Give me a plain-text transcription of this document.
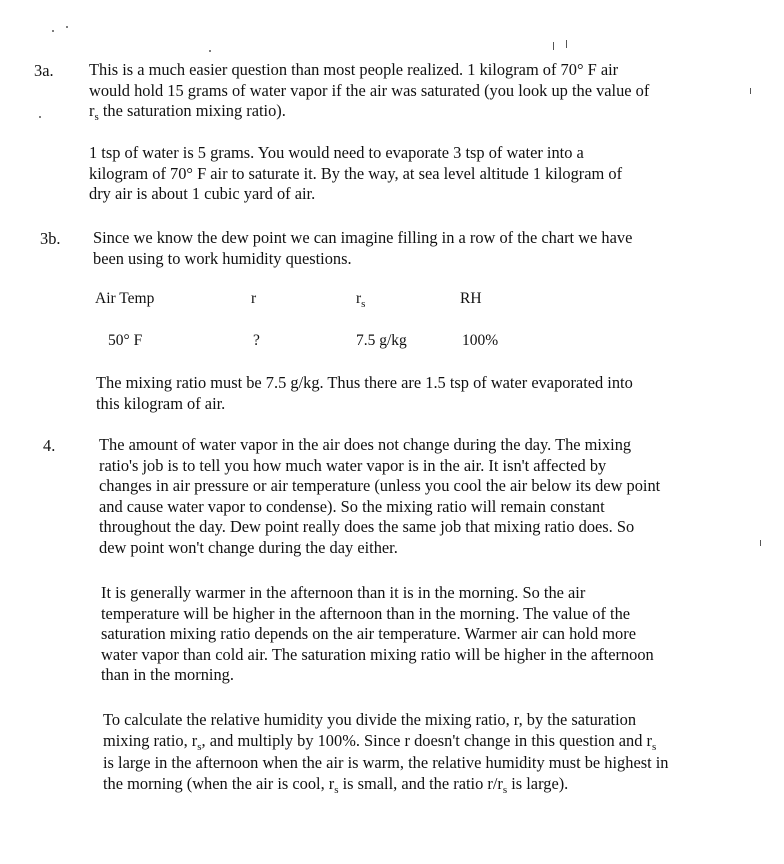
3a. This is a much easier question than most people realized. 1 kilogram of 70° F air
would hold 15 grams of water vapor if the air was saturated (you look up the value of
$r_s$ the saturation mixing ratio).
1 tsp of water is 5 grams. You would need to evaporate 3 tsp of water into a
kilogram of 70° F air to saturate it. By the way, at sea level altitude 1 kilogram of
dry air is about 1 cubic yard of air.
3b. Since we know the dew point we can imagine filling in a row of the chart we have
been using to work humidity questions.
Air Temp	r	$r_s$	RH
50° F	?	7.5 g/kg	100%
The mixing ratio must be 7.5 g/kg. Thus there are 1.5 tsp of water evaporated into
this kilogram of air.
4.	The amount of water vapor in the air does not change during the day. The mixing
ratio's job is to tell you how much water vapor is in the air. It isn't affected by
changes in air pressure or air temperature (unless you cool the air below its dew point
and cause water vapor to condense). So the mixing ratio will remain constant
throughout the day. Dew point really does the same job that mixing ratio does. So
dew point won't change during the day either.
It is generally warmer in the afternoon than it is in the morning. So the air
temperature will be higher in the afternoon than in the morning. The value of the
saturation mixing ratio depends on the air temperature. Warmer air can hold more
water vapor than cold air. The saturation mixing ratio will be higher in the afternoon
than in the morning.
To calculate the relative humidity you divide the mixing ratio, r, by the saturation
mixing ratio, $r_s$, and multiply by 100%. Since r doesn't change in this question and $r_s$
is large in the afternoon when the air is warm, the relative humidity must be highest in
the morning (when the air is cool, $r_s$ is small, and the ratio $r/r_s$ is large).
